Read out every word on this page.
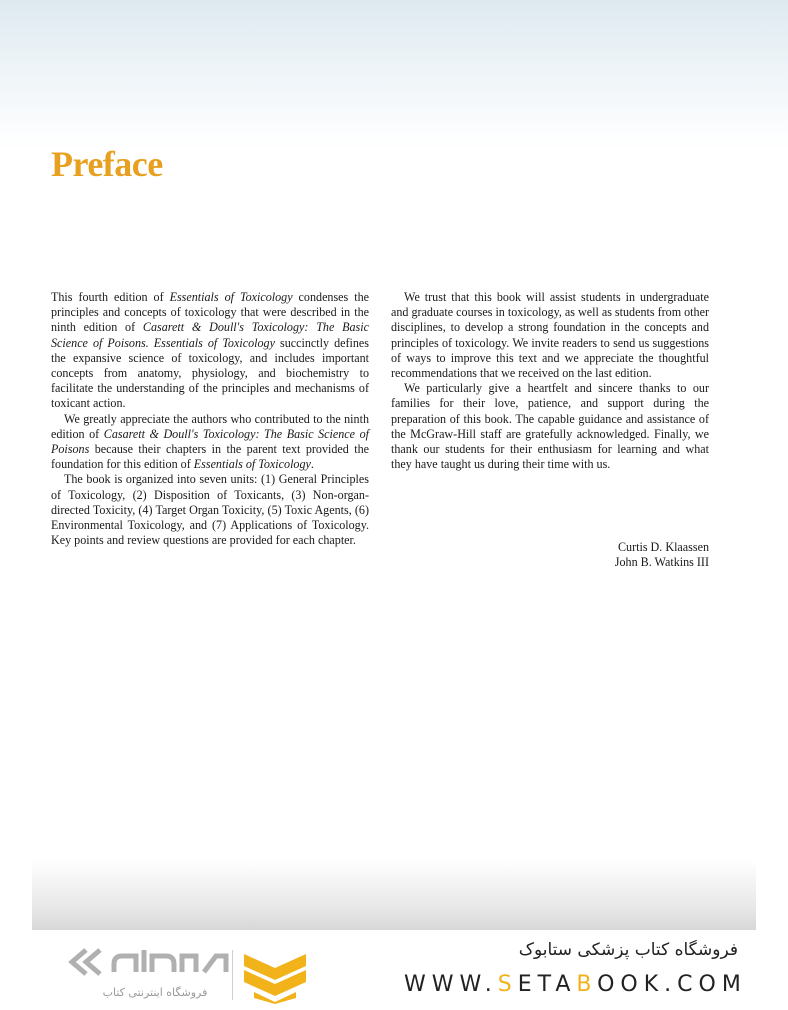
Preface

This fourth edition of Essentials of Toxicology condenses the principles and concepts of toxicology that were described in the ninth edition of Casarett & Doull's Toxicology: The Basic Science of Poisons. Essentials of Toxicology succinctly defines the expansive science of toxicology, and includes important concepts from anatomy, physiology, and biochemistry to facilitate the understanding of the principles and mechanisms of toxicant action.

We greatly appreciate the authors who contributed to the ninth edition of Casarett & Doull's Toxicology: The Basic Science of Poisons because their chapters in the parent text provided the foundation for this edition of Essentials of Toxicology.

The book is organized into seven units: (1) General Principles of Toxicology, (2) Disposition of Toxicants, (3) Non-organ-directed Toxicity, (4) Target Organ Toxicity, (5) Toxic Agents, (6) Environmental Toxicology, and (7) Applications of Toxicology. Key points and review questions are provided for each chapter.

We trust that this book will assist students in undergraduate and graduate courses in toxicology, as well as students from other disciplines, to develop a strong foundation in the concepts and principles of toxicology. We invite readers to send us suggestions of ways to improve this text and we appreciate the thoughtful recommendations that we received on the last edition.

We particularly give a heartfelt and sincere thanks to our families for their love, patience, and support during the preparation of this book. The capable guidance and assistance of the McGraw-Hill staff are gratefully acknowledged. Finally, we thank our students for their enthusiasm for learning and what they have taught us during their time with us.

Curtis D. Klaassen
John B. Watkins III
فروشگاه اینترنتی کتاب
فروشگاه کتاب پزشکی ستابوک
WWW.SETABOOK.COM
